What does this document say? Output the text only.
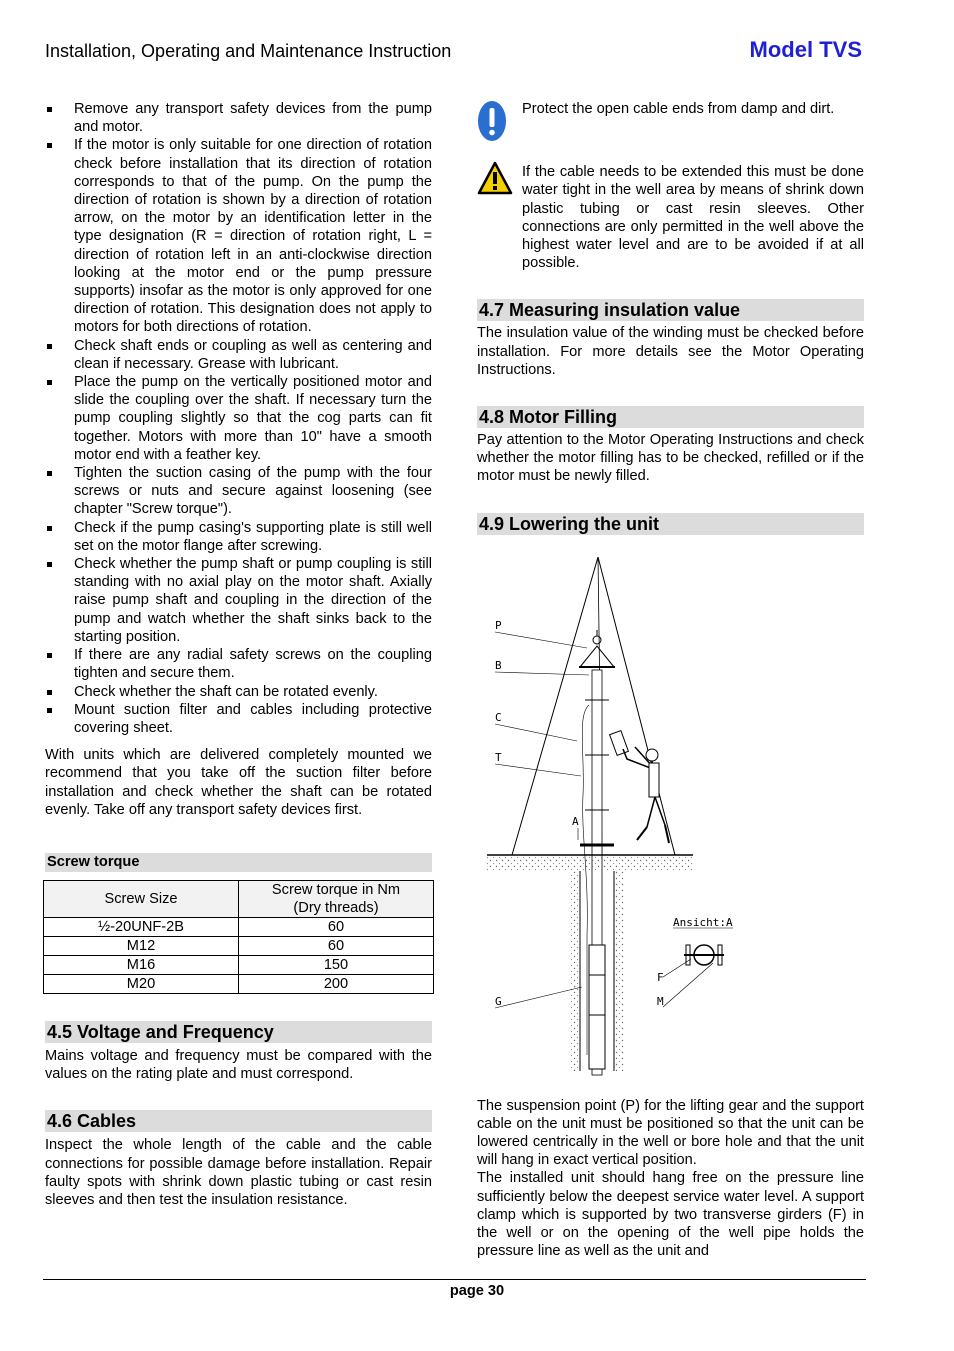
Installation, Operating and Maintenance Instruction	Model TVS
Remove any transport safety devices from the pump and motor.
If the motor is only suitable for one direction of rotation check before installation that its direction of rotation corresponds to that of the pump. On the pump the direction of rotation is shown by a direction of rotation arrow, on the motor by an identification letter in the type designation (R = direction of rotation right, L = direction of rotation left in an anti-clockwise direction looking at the motor end or the pump pressure supports) insofar as the motor is only approved for one direction of rotation. This designation does not apply to motors for both directions of rotation.
Check shaft ends or coupling as well as centering and clean if necessary. Grease with lubricant.
Place the pump on the vertically positioned motor and slide the coupling over the shaft. If necessary turn the pump coupling slightly so that the cog parts can fit together. Motors with more than 10" have a smooth motor end with a feather key.
Tighten the suction casing of the pump with the four screws or nuts and secure against loosening (see chapter "Screw torque").
Check if the pump casing's supporting plate is still well set on the motor flange after screwing.
Check whether the pump shaft or pump coupling is still standing with no axial play on the motor shaft. Axially raise pump shaft and coupling in the direction of the pump and watch whether the shaft sinks back to the starting position.
If there are any radial safety screws on the coupling tighten and secure them.
Check whether the shaft can be rotated evenly.
Mount suction filter and cables including protective covering sheet.

With units which are delivered completely mounted we recommend that you take off the suction filter before installation and check whether the shaft can be rotated evenly. Take off any transport safety devices first.

Screw torque
Screw Size	Screw torque in Nm
(Dry threads)
½-20UNF-2B	60
M12	60
M16	150
M20	200
4.5 Voltage and Frequency

Mains voltage and frequency must be compared with the values on the rating plate and must correspond.

4.6 Cables

Inspect the whole length of the cable and the cable connections for possible damage before installation. Repair faulty spots with shrink down plastic tubing or cast resin sleeves and then test the insulation resistance.

Protect the open cable ends from damp and dirt.
If the cable needs to be extended this must be done water tight in the well area by means of shrink down plastic tubing or cast resin sleeves. Other connections are only permitted in the well above the highest water level and are to be avoided if at all possible.
4.7 Measuring insulation value

The insulation value of the winding must be checked before installation. For more details see the Motor Operating Instructions.

4.8 Motor Filling

Pay attention to the Motor Operating Instructions and check whether the motor filling has to be checked, refilled or if the motor must be newly filled.

4.9 Lowering the unit
P
B
C
T
A
G
Ansicht:A
F
M

The suspension point (P) for the lifting gear and the support cable on the unit must be positioned so that the unit can be lowered centrically in the well or bore hole and that the unit will hang in exact vertical position.

The installed unit should hang free on the pressure line sufficiently below the deepest service water level. A support clamp which is supported by two transverse girders (F) in the well or on the opening of the well pipe holds the pressure line as well as the unit and

page 30
